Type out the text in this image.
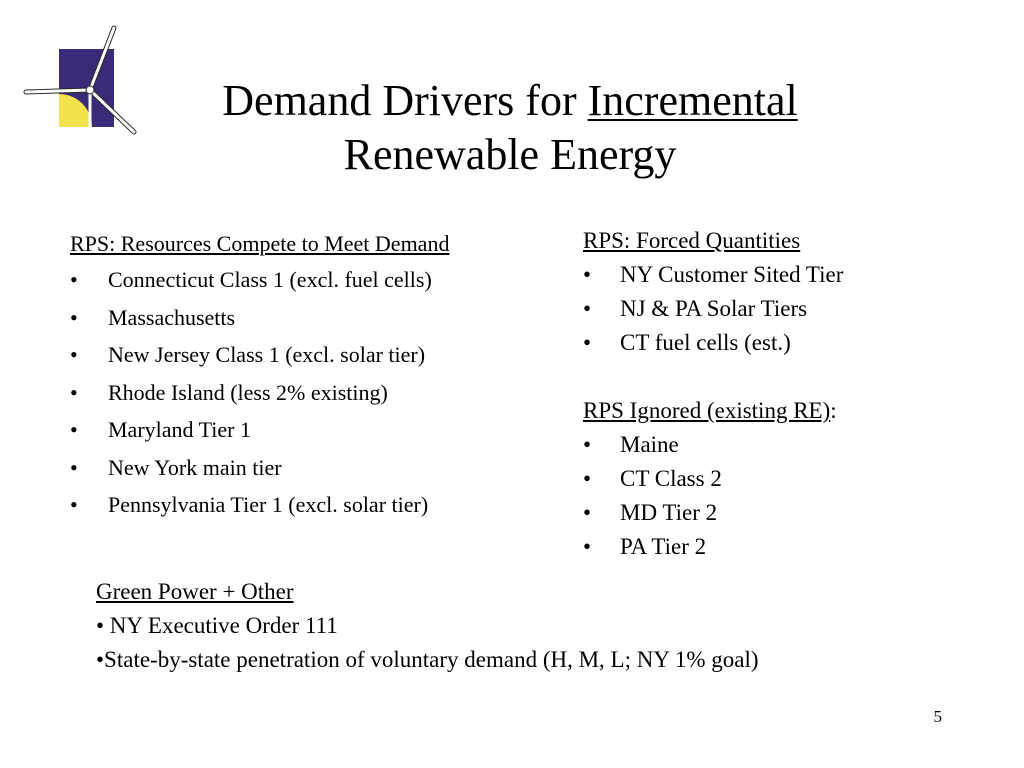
Demand Drivers for Incremental
Renewable Energy

RPS: Resources Compete to Meet Demand

• Connecticut Class 1 (excl. fuel cells)
• Massachusetts
• New Jersey Class 1 (excl. solar tier)
• Rhode Island (less 2% existing)
• Maryland Tier 1
• New York main tier
• Pennsylvania Tier 1 (excl. solar tier)

RPS: Forced Quantities

• NY Customer Sited Tier
• NJ & PA Solar Tiers
• CT fuel cells (est.)

RPS Ignored (existing RE):

• Maine
• CT Class 2
• MD Tier 2
• PA Tier 2

Green Power + Other

• NY Executive Order 111

•State-by-state penetration of voluntary demand (H, M, L; NY 1% goal)

5
